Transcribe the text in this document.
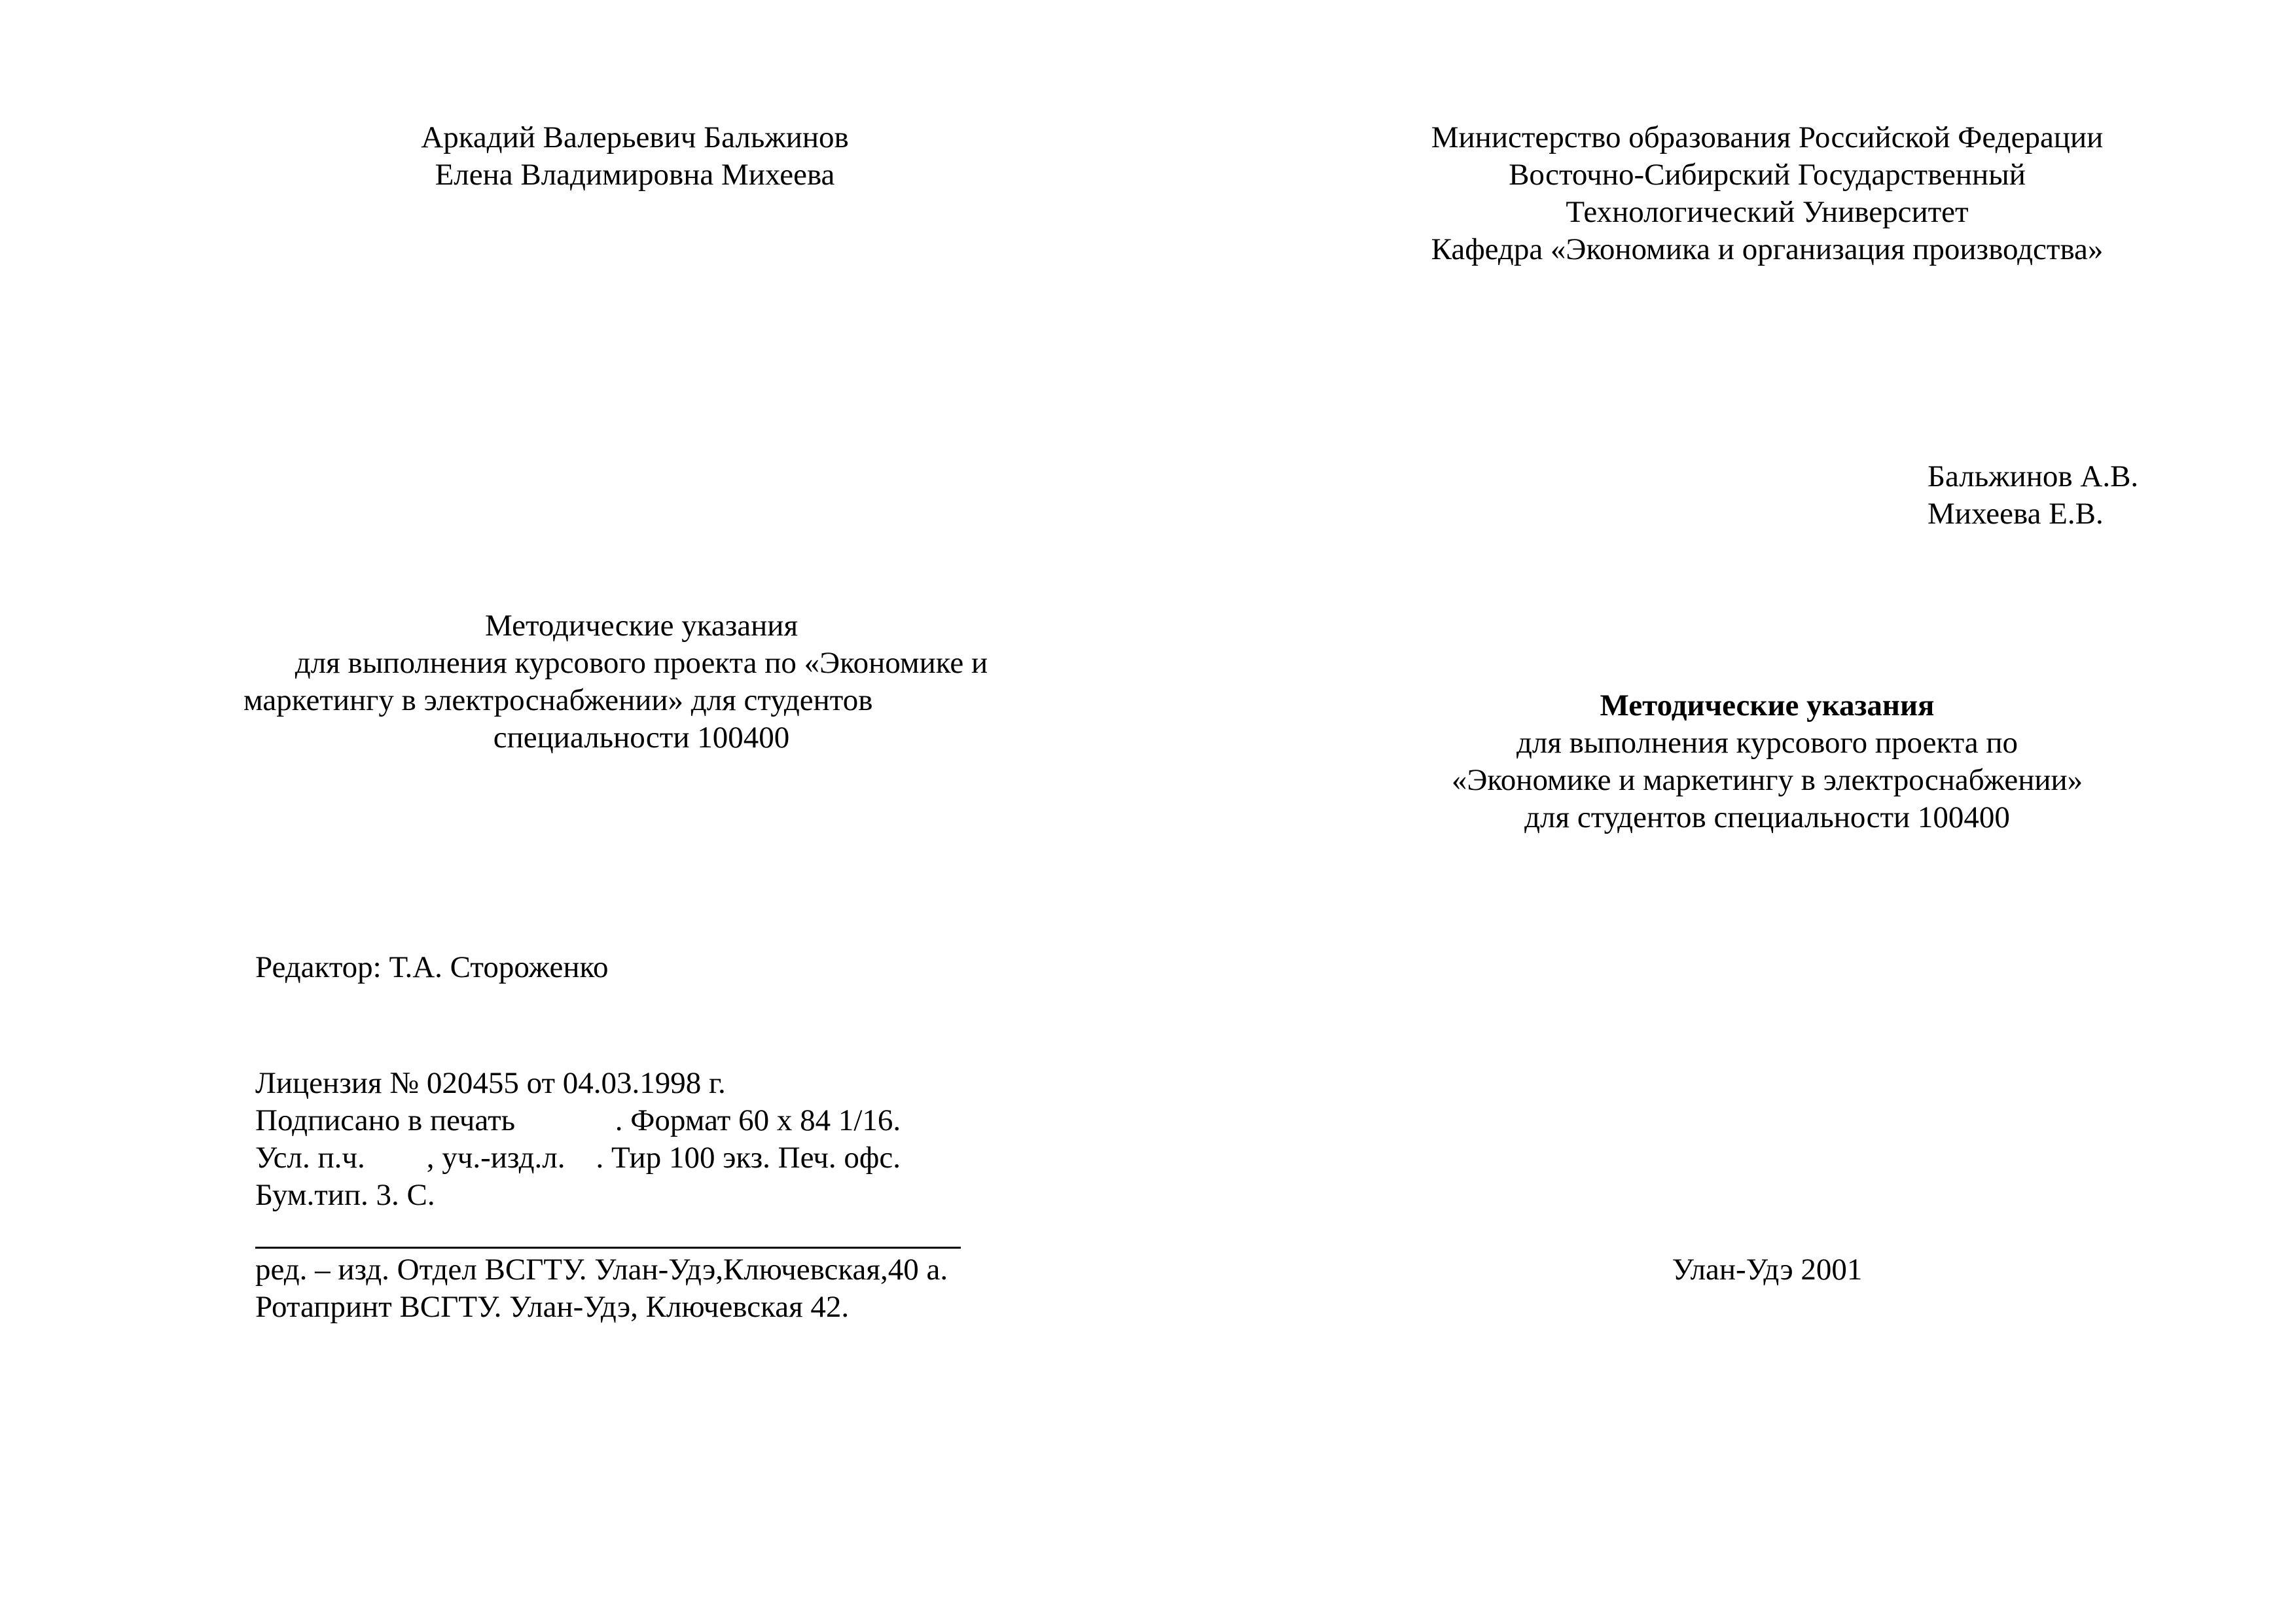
Аркадий Валерьевич Бальжинов
Елена Владимировна Михеева
Методические указания
для выполнения курсового проекта по «Экономике и
маркетингу в электроснабжении» для студентов
специальности 100400
Редактор: Т.А. Стороженко
Лицензия № 020455 от 04.03.1998 г.
Подписано в печать             . Формат 60 х 84 1/16.
Усл. п.ч.        , уч.-изд.л.    . Тир 100 экз. Печ. офс.
Бум.тип. 3. С.
ред. – изд. Отдел ВСГТУ. Улан-Удэ,Ключевская,40 а.
Ротапринт ВСГТУ. Улан-Удэ, Ключевская 42.
Министерство образования Российской Федерации
Восточно-Сибирский Государственный
Технологический Университет
Кафедра «Экономика и организация производства»
Бальжинов А.В.
Михеева Е.В.
Методические указания
для выполнения курсового проекта по
«Экономике и маркетингу в электроснабжении»
для студентов специальности 100400
Улан-Удэ 2001
